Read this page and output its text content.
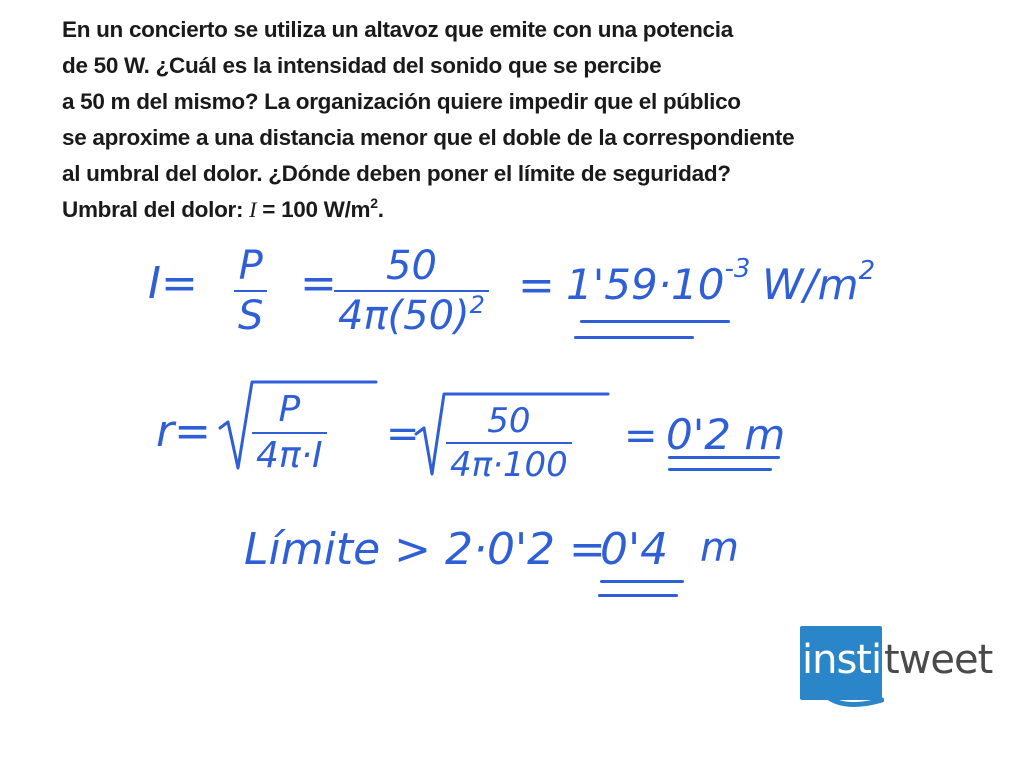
En un concierto se utiliza un altavoz que emite con una potencia
de 50 W. ¿Cuál es la intensidad del sonido que se percibe
a 50 m del mismo? La organización quiere impedir que el público
se aproxime a una distancia menor que el doble de la correspondiente
al umbral del dolor. ¿Dónde deben poner el límite de seguridad?
Umbral del dolor: I = 100 $W/m^2$.
I= P
S
= 50
$4\pi(50)^2 = 1'59\cdot 10^{-3}$ $W/m^2$
r= P
4π·I = 50
4π·100
= 0'2 m
Límite > 2·0'2 =
0'4 m
insti tweet
